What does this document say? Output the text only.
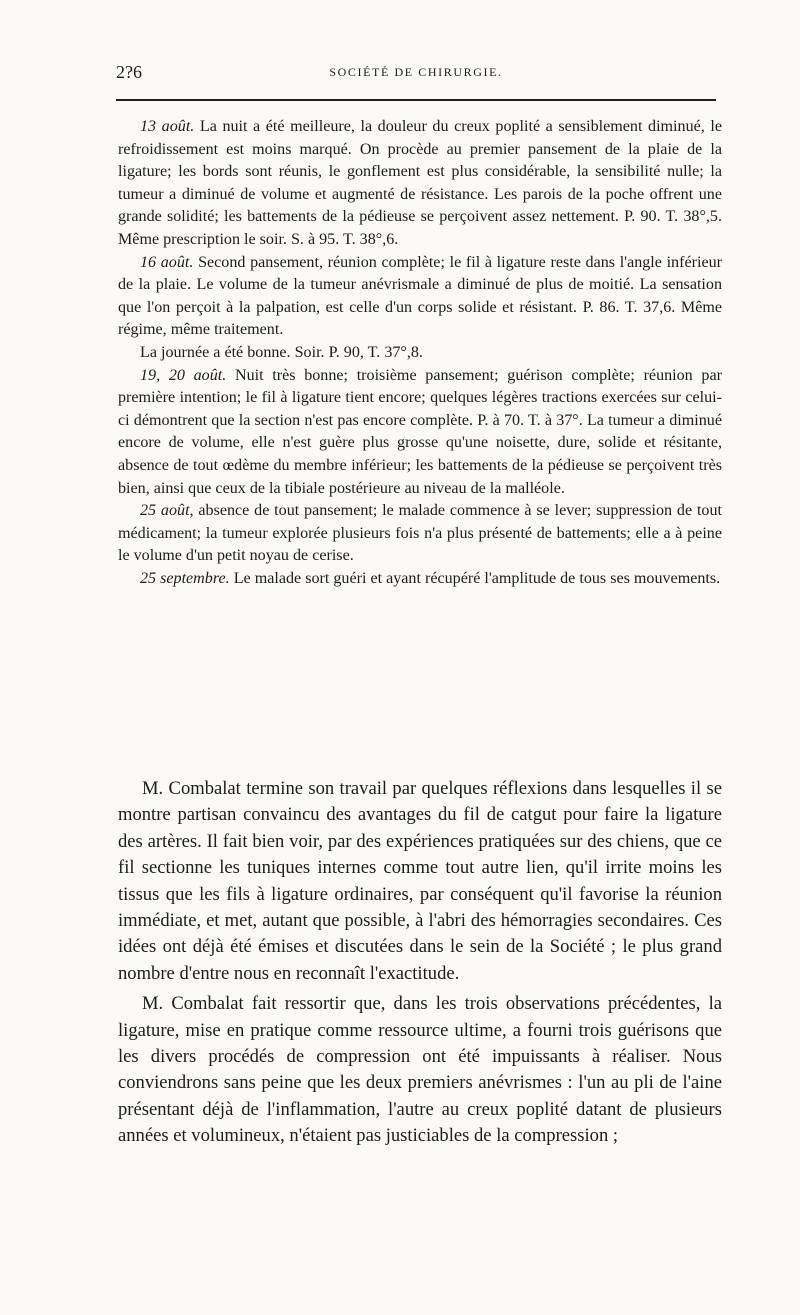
2?6	SOCIÉTÉ DE CHIRURGIE.

13 août. La nuit a été meilleure, la douleur du creux poplité a sensiblement diminué, le refroidissement est moins marqué. On procède au premier pansement de la plaie de la ligature; les bords sont réunis, le gonflement est plus considérable, la sensibilité nulle; la tumeur a diminué de volume et augmenté de résistance. Les parois de la poche offrent une grande solidité; les battements de la pédieuse se perçoivent assez nettement. P. 90. T. 38°,5. Même prescription le soir. S. à 95. T. 38°,6.

16 août. Second pansement, réunion complète; le fil à ligature reste dans l'angle inférieur de la plaie. Le volume de la tumeur anévrismale a diminué de plus de moitié. La sensation que l'on perçoit à la palpation, est celle d'un corps solide et résistant. P. 86. T. 37,6. Même régime, même traitement.

La journée a été bonne. Soir. P. 90, T. 37°,8.

19, 20 août. Nuit très bonne; troisième pansement; guérison complète; réunion par première intention; le fil à ligature tient encore; quelques légères tractions exercées sur celui-ci démontrent que la section n'est pas encore complète. P. à 70. T. à 37°. La tumeur a diminué encore de volume, elle n'est guère plus grosse qu'une noisette, dure, solide et résitante, absence de tout œdème du membre inférieur; les battements de la pédieuse se perçoivent très bien, ainsi que ceux de la tibiale postérieure au niveau de la malléole.

25 août, absence de tout pansement; le malade commence à se lever; suppression de tout médicament; la tumeur explorée plusieurs fois n'a plus présenté de battements; elle a à peine le volume d'un petit noyau de cerise.

25 septembre. Le malade sort guéri et ayant récupéré l'amplitude de tous ses mouvements.

M. Combalat termine son travail par quelques réflexions dans lesquelles il se montre partisan convaincu des avantages du fil de catgut pour faire la ligature des artères. Il fait bien voir, par des expériences pratiquées sur des chiens, que ce fil sectionne les tuniques internes comme tout autre lien, qu'il irrite moins les tissus que les fils à ligature ordinaires, par conséquent qu'il favorise la réunion immédiate, et met, autant que possible, à l'abri des hémorragies secondaires. Ces idées ont déjà été émises et discutées dans le sein de la Société ; le plus grand nombre d'entre nous en reconnaît l'exactitude.

M. Combalat fait ressortir que, dans les trois observations précédentes, la ligature, mise en pratique comme ressource ultime, a fourni trois guérisons que les divers procédés de compression ont été impuissants à réaliser. Nous conviendrons sans peine que les deux premiers anévrismes : l'un au pli de l'aine présentant déjà de l'inflammation, l'autre au creux poplité datant de plusieurs années et volumineux, n'étaient pas justiciables de la compression ;
